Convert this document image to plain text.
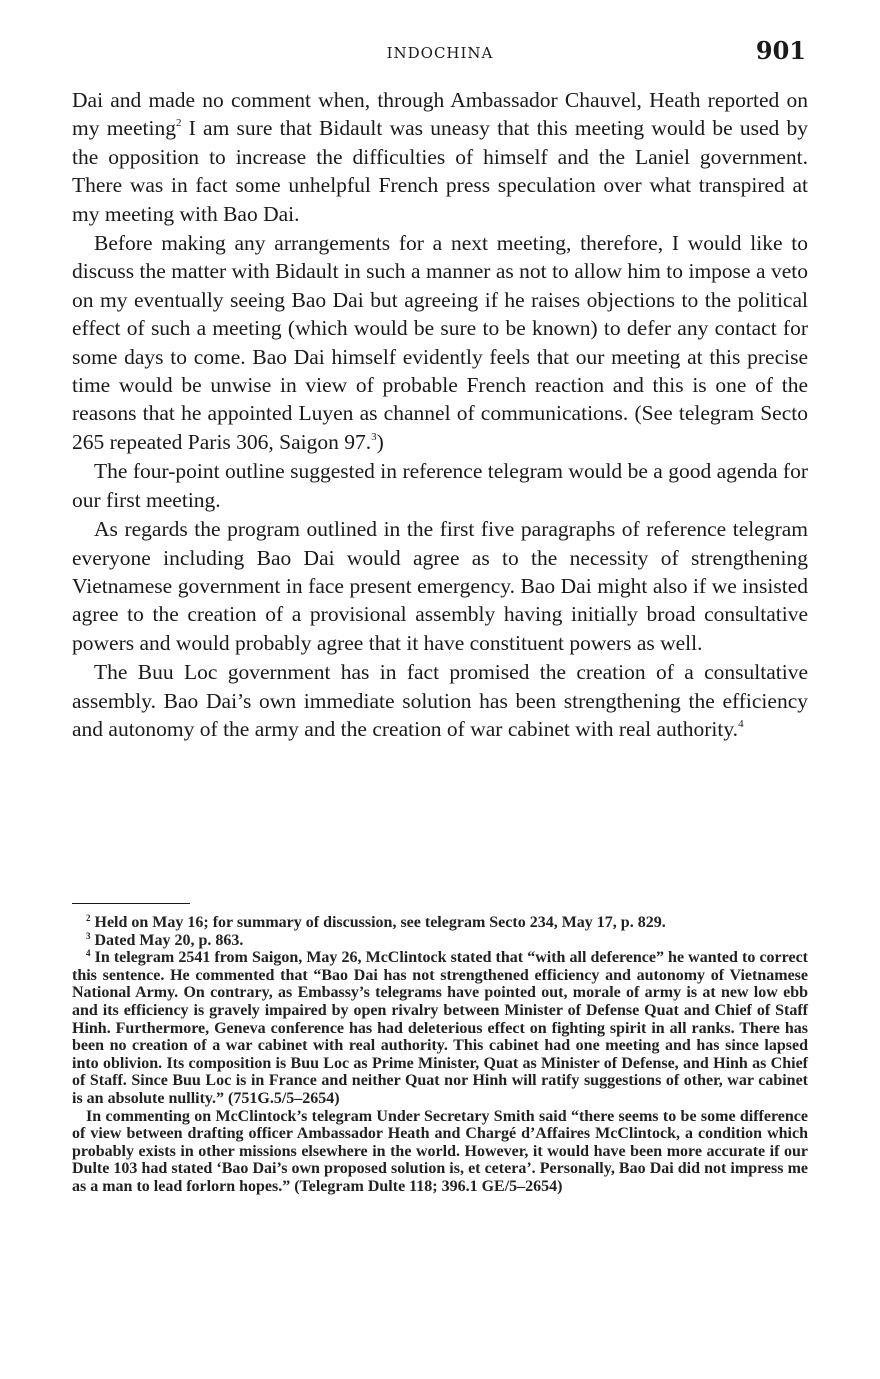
INDOCHINA	901

Dai and made no comment when, through Ambassador Chauvel, Heath reported on my meeting$^2$ I am sure that Bidault was uneasy that this meeting would be used by the opposition to increase the difficulties of himself and the Laniel government. There was in fact some unhelpful French press speculation over what transpired at my meeting with Bao Dai.

Before making any arrangements for a next meeting, therefore, I would like to discuss the matter with Bidault in such a manner as not to allow him to impose a veto on my eventually seeing Bao Dai but agreeing if he raises objections to the political effect of such a meeting (which would be sure to be known) to defer any contact for some days to come. Bao Dai himself evidently feels that our meeting at this precise time would be unwise in view of probable French reaction and this is one of the reasons that he appointed Luyen as channel of communications. (See telegram Secto 265 repeated Paris 306, Saigon 97.$^3$)

The four-point outline suggested in reference telegram would be a good agenda for our first meeting.

As regards the program outlined in the first five paragraphs of reference telegram everyone including Bao Dai would agree as to the necessity of strengthening Vietnamese government in face present emergency. Bao Dai might also if we insisted agree to the creation of a provisional assembly having initially broad consultative powers and would probably agree that it have constituent powers as well.

The Buu Loc government has in fact promised the creation of a consultative assembly. Bao Dai’s own immediate solution has been strengthening the efficiency and autonomy of the army and the creation of war cabinet with real authority.$^4$

$^2$ Held on May 16; for summary of discussion, see telegram Secto 234, May 17, p. 829.

$^3$ Dated May 20, p. 863.

$^4$ In telegram 2541 from Saigon, May 26, McClintock stated that “with all deference” he wanted to correct this sentence. He commented that “Bao Dai has not strengthened efficiency and autonomy of Vietnamese National Army. On contrary, as Embassy’s telegrams have pointed out, morale of army is at new low ebb and its efficiency is gravely impaired by open rivalry between Minister of Defense Quat and Chief of Staff Hinh. Furthermore, Geneva conference has had deleterious effect on fighting spirit in all ranks. There has been no creation of a war cabinet with real authority. This cabinet had one meeting and has since lapsed into oblivion. Its composition is Buu Loc as Prime Minister, Quat as Minister of Defense, and Hinh as Chief of Staff. Since Buu Loc is in France and neither Quat nor Hinh will ratify suggestions of other, war cabinet is an absolute nullity.” (751G.5/5–2654)

In commenting on McClintock’s telegram Under Secretary Smith said “there seems to be some difference of view between drafting officer Ambassador Heath and Chargé d’Affaires McClintock, a condition which probably exists in other missions elsewhere in the world. However, it would have been more accurate if our Dulte 103 had stated ‘Bao Dai’s own proposed solution is, et cetera’. Personally, Bao Dai did not impress me as a man to lead forlorn hopes.” (Telegram Dulte 118; 396.1 GE/5–2654)
